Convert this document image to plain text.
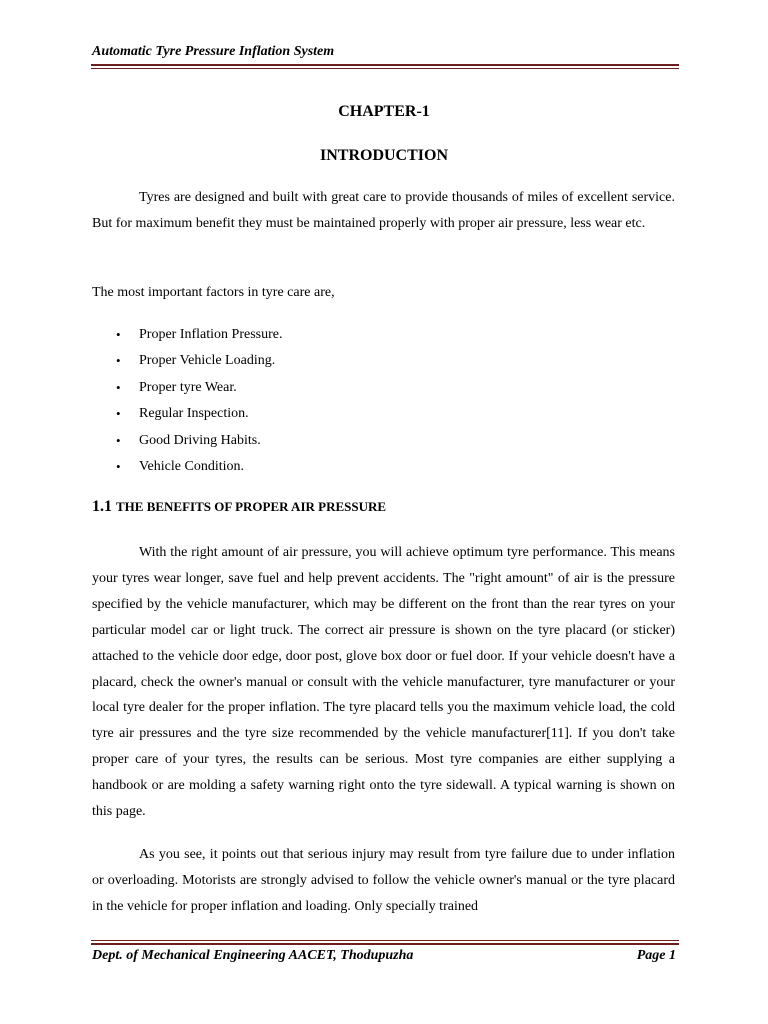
Automatic Tyre Pressure Inflation System
CHAPTER-1
INTRODUCTION

Tyres are designed and built with great care to provide thousands of miles of excellent service. But for maximum benefit they must be maintained properly with proper air pressure, less wear etc.

The most important factors in tyre care are,

• Proper Inflation Pressure.
• Proper Vehicle Loading.
• Proper tyre Wear.
• Regular Inspection.
• Good Driving Habits.
• Vehicle Condition.
1.1 THE BENEFITS OF PROPER AIR PRESSURE

With the right amount of air pressure, you will achieve optimum tyre performance. This means your tyres wear longer, save fuel and help prevent accidents. The "right amount" of air is the pressure specified by the vehicle manufacturer, which may be different on the front than the rear tyres on your particular model car or light truck. The correct air pressure is shown on the tyre placard (or sticker) attached to the vehicle door edge, door post, glove box door or fuel door. If your vehicle doesn't have a placard, check the owner's manual or consult with the vehicle manufacturer, tyre manufacturer or your local tyre dealer for the proper inflation. The tyre placard tells you the maximum vehicle load, the cold tyre air pressures and the tyre size recommended by the vehicle manufacturer[11]. If you don't take proper care of your tyres, the results can be serious. Most tyre companies are either supplying a handbook or are molding a safety warning right onto the tyre sidewall. A typical warning is shown on this page.

As you see, it points out that serious injury may result from tyre failure due to under inflation or overloading. Motorists are strongly advised to follow the vehicle owner's manual or the tyre placard in the vehicle for proper inflation and loading. Only specially trained

Dept. of Mechanical Engineering AACET, Thodupuzha	Page 1
